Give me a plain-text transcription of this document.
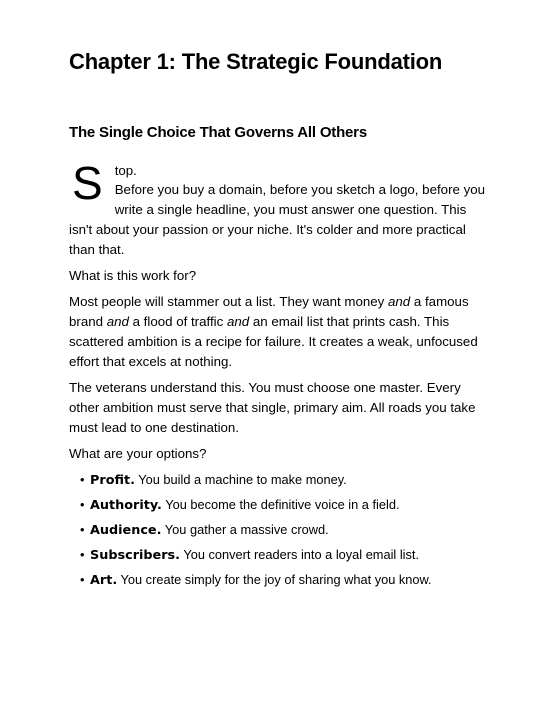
Chapter 1: The Strategic Foundation
The Single Choice That Governs All Others

S top.
Before you buy a domain, before you sketch a logo, before you write a single headline, you must answer one question. This isn't about your passion or your niche. It's colder and more practical than that.

What is this work for?

Most people will stammer out a list. They want money and a famous brand and a flood of traffic and an email list that prints cash. This scattered ambition is a recipe for failure. It creates a weak, unfocused effort that excels at nothing.

The veterans understand this. You must choose one master. Every other ambition must serve that single, primary aim. All roads you take must lead to one destination.

What are your options?

• Profit. You build a machine to make money.
• Authority. You become the definitive voice in a field.
• Audience. You gather a massive crowd.
• Subscribers. You convert readers into a loyal email list.
• Art. You create simply for the joy of sharing what you know.
